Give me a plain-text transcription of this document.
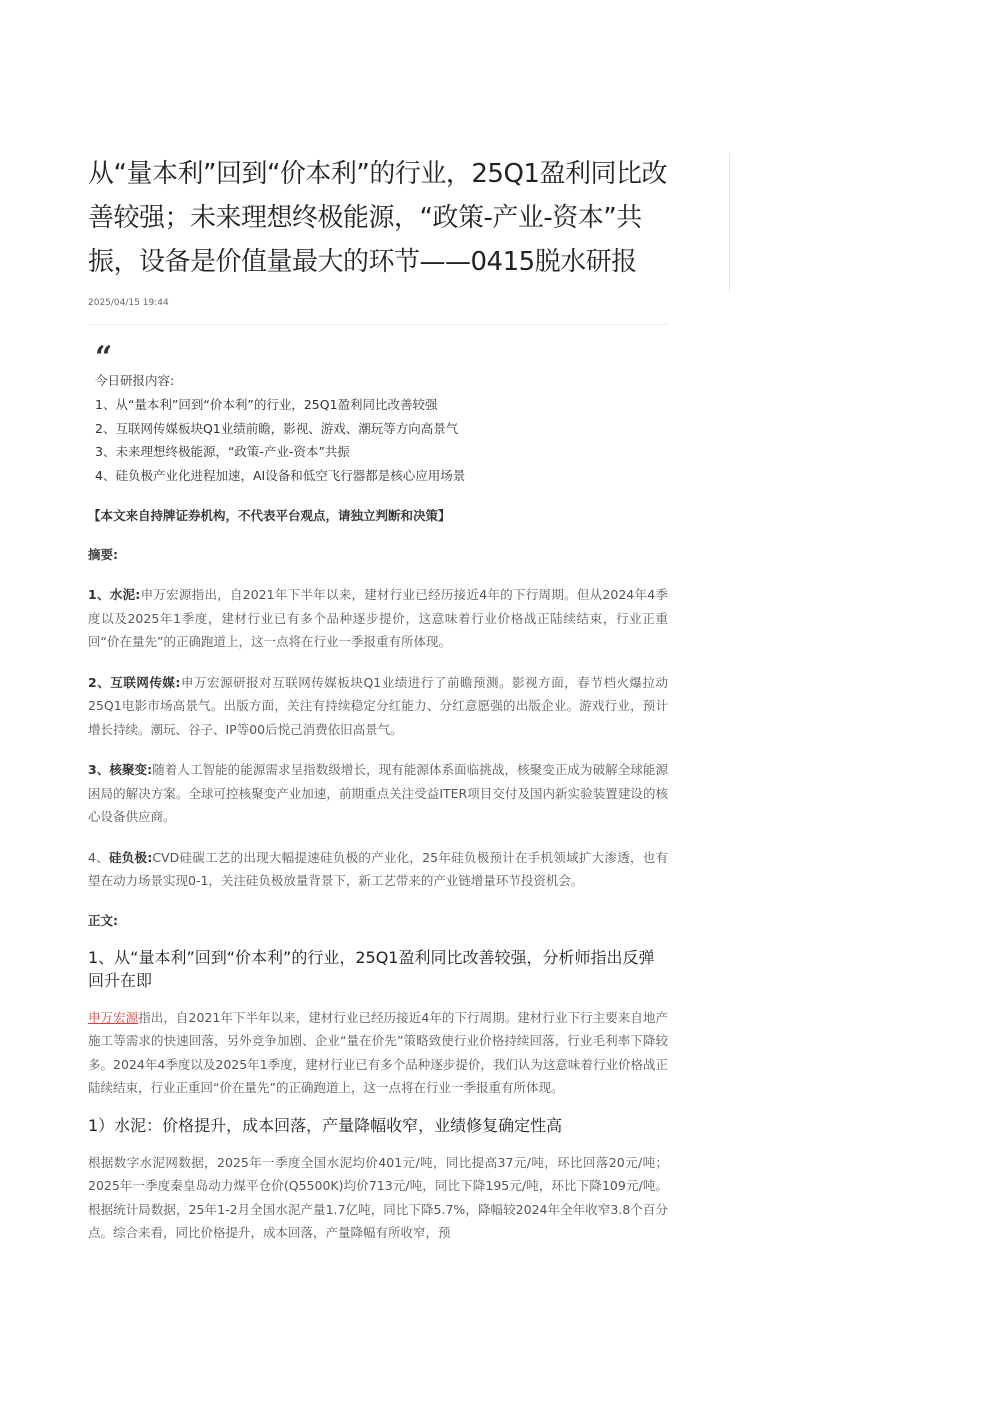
从“量本利”回到“价本利”的行业，25Q1盈利同比改善较强；未来理想终极能源，“政策-产业-资本”共振，设备是价值量最大的环节——0415脱水研报
2025/04/15 19:44
“
今日研报内容:
1、从“量本利”回到“价本利”的行业，25Q1盈利同比改善较强
2、互联网传媒板块Q1业绩前瞻，影视、游戏、潮玩等方向高景气
3、未来理想终极能源，“政策-产业-资本”共振
4、硅负极产业化进程加速，AI设备和低空飞行器都是核心应用场景
【本文来自持牌证券机构，不代表平台观点，请独立判断和决策】
摘要:
1、水泥:申万宏源指出，自2021年下半年以来，建材行业已经历接近4年的下行周期。但从2024年4季度以及2025年1季度，建材行业已有多个品种逐步提价，这意味着行业价格战正陆续结束，行业正重回“价在量先”的正确跑道上，这一点将在行业一季报重有所体现。
2、互联网传媒:申万宏源研报对互联网传媒板块Q1业绩进行了前瞻预测。影视方面，春节档火爆拉动25Q1电影市场高景气。出版方面，关注有持续稳定分红能力、分红意愿强的出版企业。游戏行业，预计增长持续。潮玩、谷子、IP等00后悦己消费依旧高景气。
3、核聚变:随着人工智能的能源需求呈指数级增长，现有能源体系面临挑战，核聚变正成为破解全球能源困局的解决方案。全球可控核聚变产业加速，前期重点关注受益ITER项目交付及国内新实验装置建设的核心设备供应商。
4、硅负极:CVD硅碳工艺的出现大幅提速硅负极的产业化，25年硅负极预计在手机领域扩大渗透，也有望在动力场景实现0-1，关注硅负极放量背景下，新工艺带来的产业链增量环节投资机会。
正文:
1、从“量本利”回到“价本利”的行业，25Q1盈利同比改善较强，分析师指出反弹回升在即
申万宏源指出，自2021年下半年以来，建材行业已经历接近4年的下行周期。建材行业下行主要来自地产施工等需求的快速回落，另外竞争加剧、企业“量在价先”策略致使行业价格持续回落，行业毛利率下降较多。2024年4季度以及2025年1季度，建材行业已有多个品种逐步提价，我们认为这意味着行业价格战正陆续结束，行业正重回“价在量先”的正确跑道上，这一点将在行业一季报重有所体现。
1）水泥：价格提升，成本回落，产量降幅收窄，业绩修复确定性高
根据数字水泥网数据，2025年一季度全国水泥均价401元/吨，同比提高37元/吨，环比回落20元/吨；2025年一季度秦皇岛动力煤平仓价(Q5500K)均价713元/吨，同比下降195元/吨，环比下降109元/吨。根据统计局数据，25年1-2月全国水泥产量1.7亿吨，同比下降5.7%，降幅较2024年全年收窄3.8个百分点。综合来看，同比价格提升，成本回落，产量降幅有所收窄，预
